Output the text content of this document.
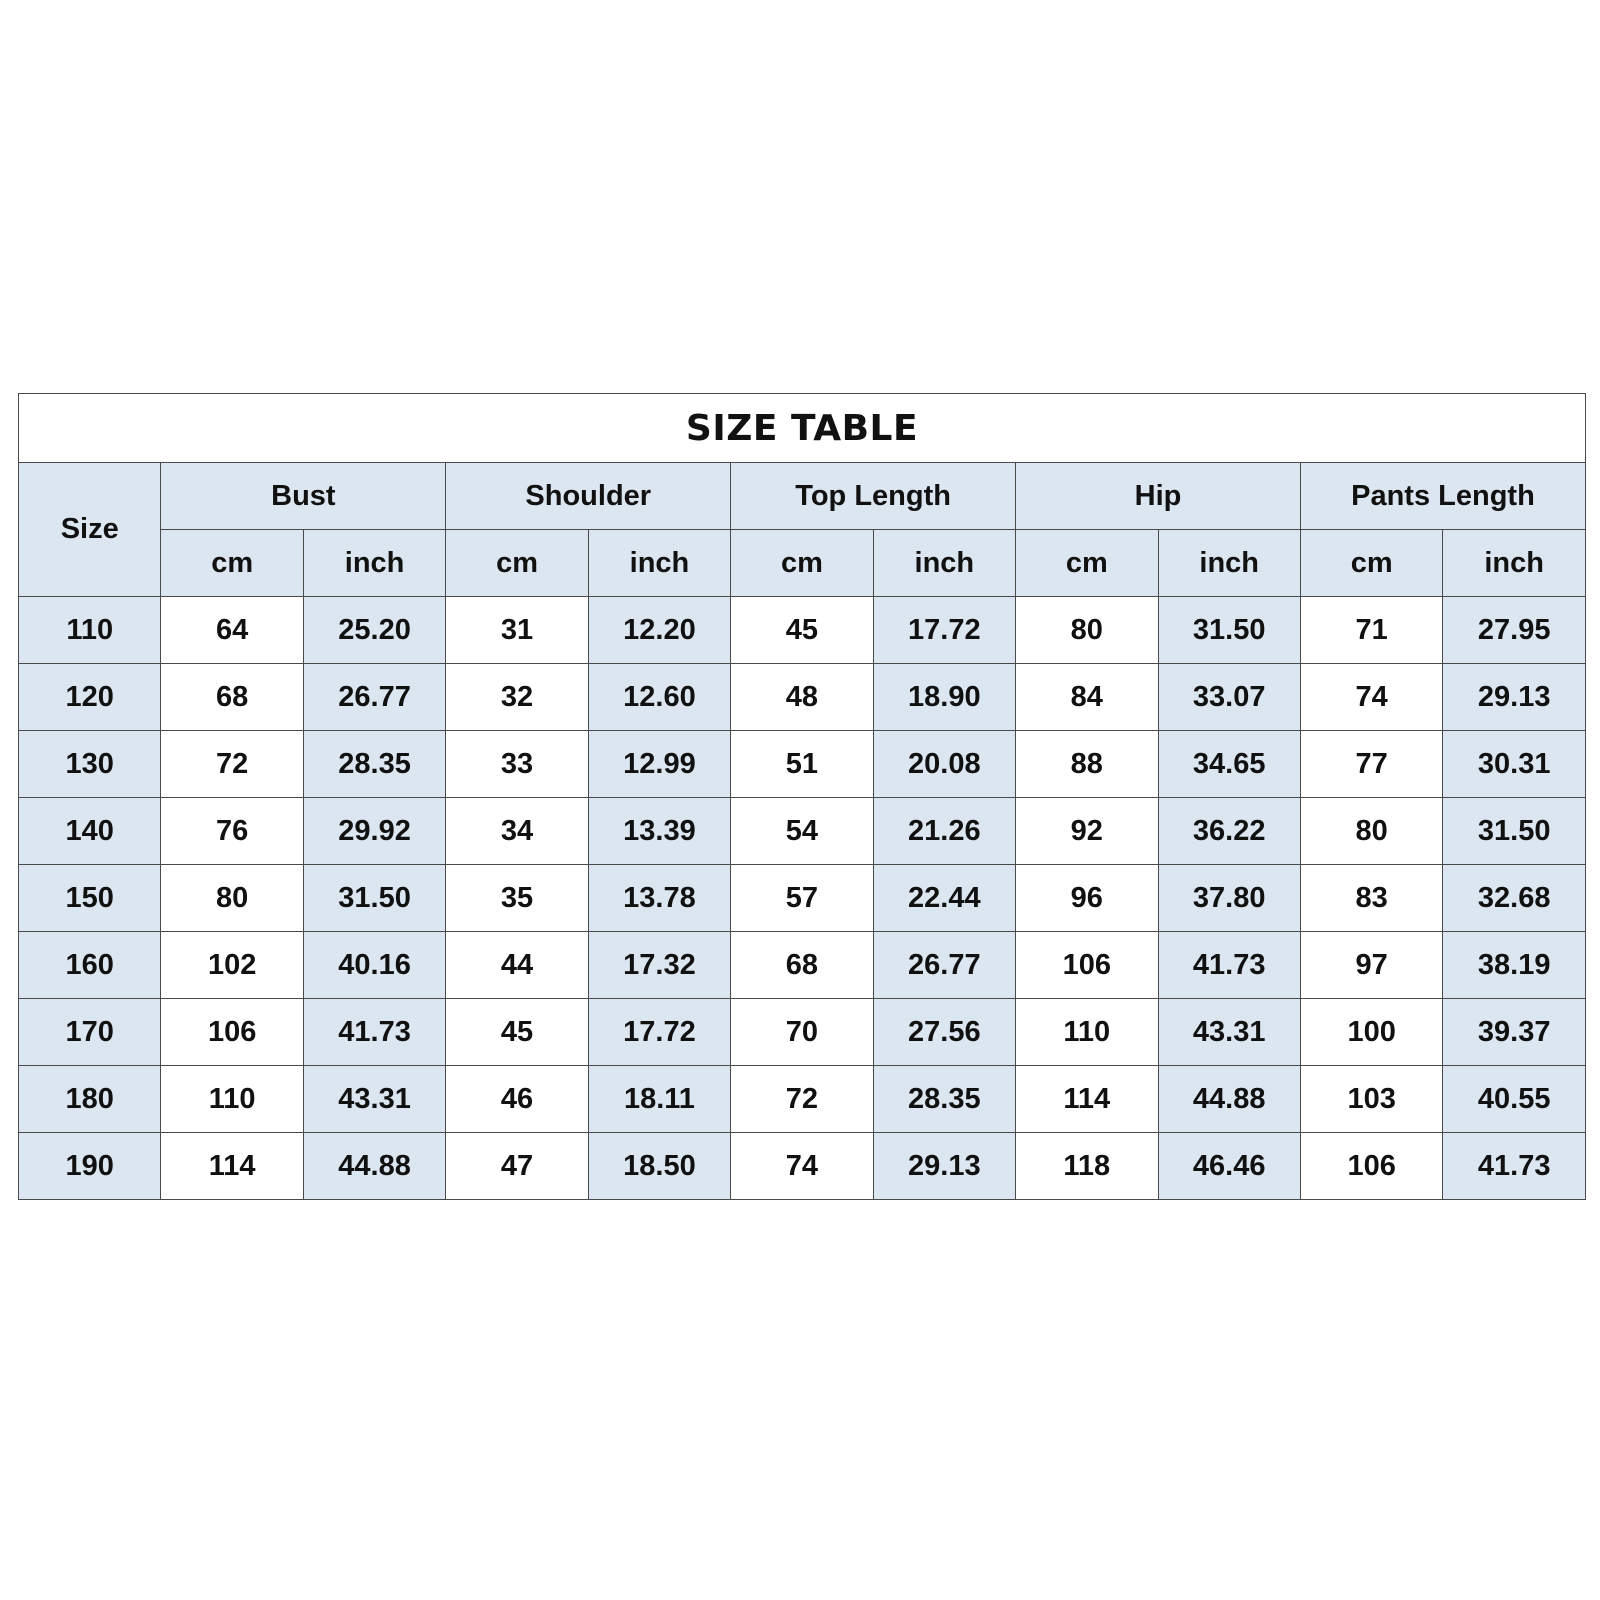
SIZE TABLE										
Size	Bust		Shoulder		Top Length		Hip		Pants Length	
	cm	inch	cm	inch	cm	inch	cm	inch	cm	inch
110	64	25.20	31	12.20	45	17.72	80	31.50	71	27.95
120	68	26.77	32	12.60	48	18.90	84	33.07	74	29.13
130	72	28.35	33	12.99	51	20.08	88	34.65	77	30.31
140	76	29.92	34	13.39	54	21.26	92	36.22	80	31.50
150	80	31.50	35	13.78	57	22.44	96	37.80	83	32.68
160	102	40.16	44	17.32	68	26.77	106	41.73	97	38.19
170	106	41.73	45	17.72	70	27.56	110	43.31	100	39.37
180	110	43.31	46	18.11	72	28.35	114	44.88	103	40.55
190	114	44.88	47	18.50	74	29.13	118	46.46	106	41.73
